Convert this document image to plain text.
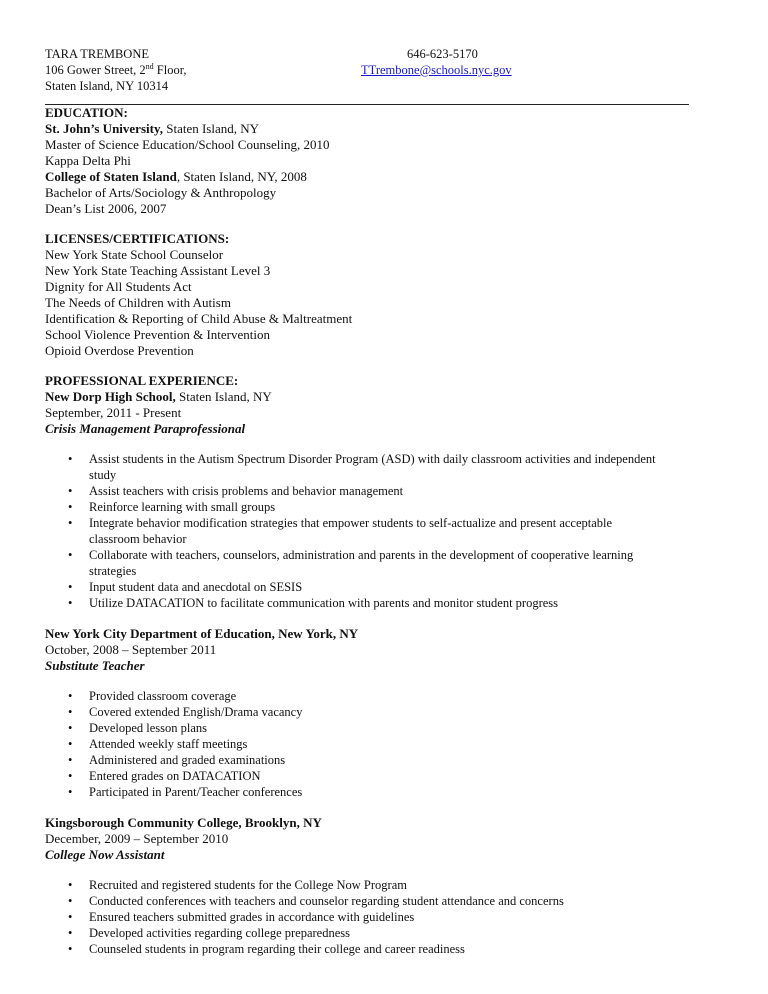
TARA TREMBONE	646-623-5170
106 Gower Street, 2nd Floor,	TTrembone@schools.nyc.gov
Staten Island, NY 10314
EDUCATION:
St. John’s University, Staten Island, NY
Master of Science Education/School Counseling, 2010
Kappa Delta Phi
College of Staten Island, Staten Island, NY, 2008
Bachelor of Arts/Sociology & Anthropology
Dean’s List 2006, 2007
LICENSES/CERTIFICATIONS:
New York State School Counselor
New York State Teaching Assistant Level 3
Dignity for All Students Act
The Needs of Children with Autism
Identification & Reporting of Child Abuse & Maltreatment
School Violence Prevention & Intervention
Opioid Overdose Prevention
PROFESSIONAL EXPERIENCE:
New Dorp High School, Staten Island, NY
September, 2011 - Present
Crisis Management Paraprofessional
• Assist students in the Autism Spectrum Disorder Program (ASD) with daily classroom activities and independent
study
• Assist teachers with crisis problems and behavior management
• Reinforce learning with small groups
• Integrate behavior modification strategies that empower students to self-actualize and present acceptable
classroom behavior
• Collaborate with teachers, counselors, administration and parents in the development of cooperative learning
strategies
• Input student data and anecdotal on SESIS
• Utilize DATACATION to facilitate communication with parents and monitor student progress
New York City Department of Education, New York, NY
October, 2008 – September 2011
Substitute Teacher
• Provided classroom coverage
• Covered extended English/Drama vacancy
• Developed lesson plans
• Attended weekly staff meetings
• Administered and graded examinations
• Entered grades on DATACATION
• Participated in Parent/Teacher conferences
Kingsborough Community College, Brooklyn, NY
December, 2009 – September 2010
College Now Assistant
• Recruited and registered students for the College Now Program
• Conducted conferences with teachers and counselor regarding student attendance and concerns
• Ensured teachers submitted grades in accordance with guidelines
• Developed activities regarding college preparedness
• Counseled students in program regarding their college and career readiness
